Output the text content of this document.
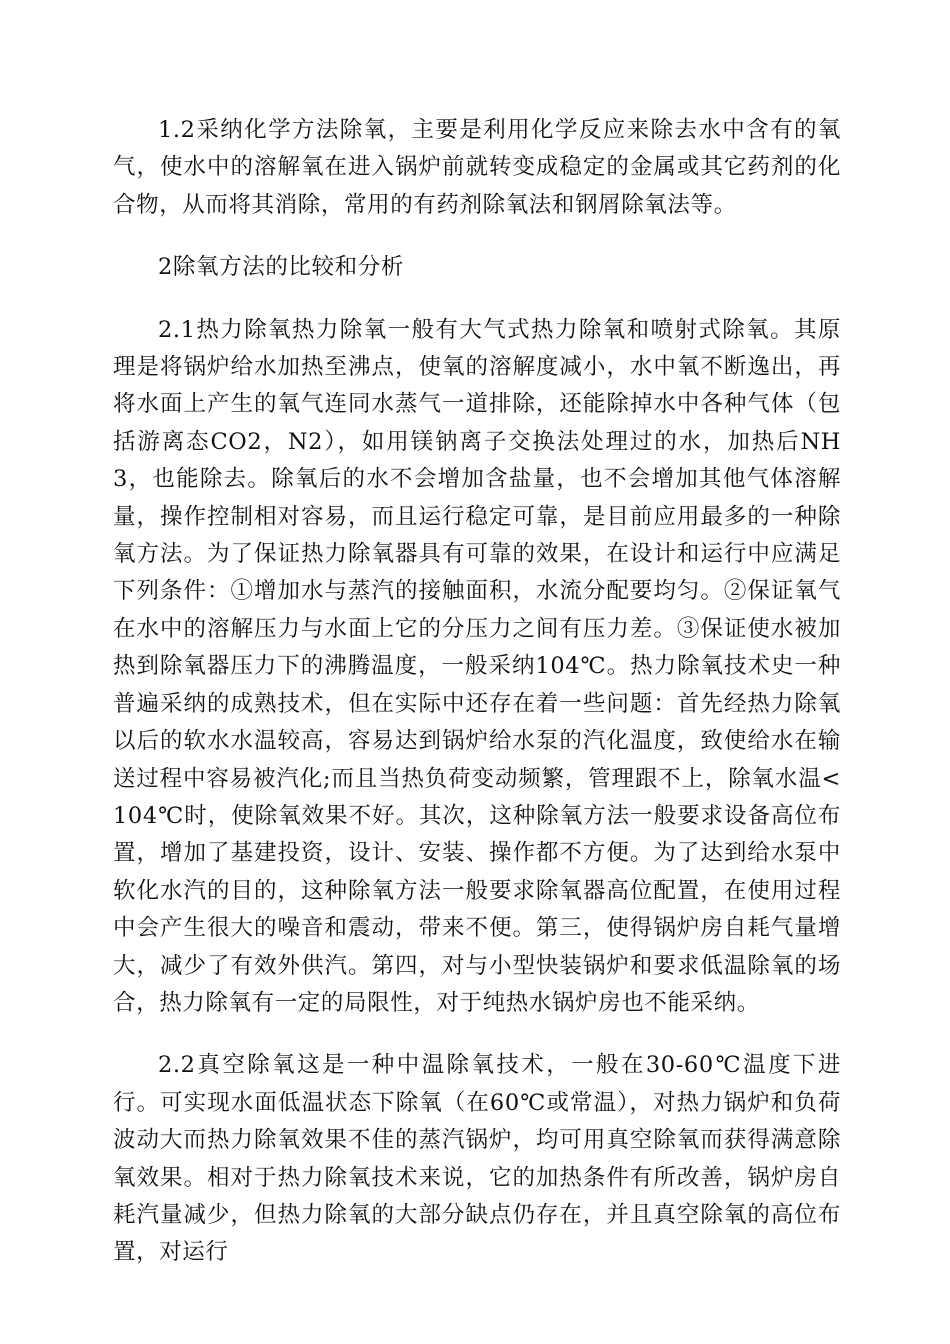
1.2采纳化学方法除氧，主要是利用化学反应来除去水中含有的氧气，使水中的溶解氧在进入锅炉前就转变成稳定的金属或其它药剂的化合物，从而将其消除，常用的有药剂除氧法和钢屑除氧法等。

2除氧方法的比较和分析

2.1热力除氧热力除氧一般有大气式热力除氧和喷射式除氧。其原理是将锅炉给水加热至沸点，使氧的溶解度减小，水中氧不断逸出，再将水面上产生的氧气连同水蒸气一道排除，还能除掉水中各种气体（包括游离态CO2，N2），如用镁钠离子交换法处理过的水，加热后NH3，也能除去。除氧后的水不会增加含盐量，也不会增加其他气体溶解量，操作控制相对容易，而且运行稳定可靠，是目前应用最多的一种除氧方法。为了保证热力除氧器具有可靠的效果，在设计和运行中应满足下列条件：①增加水与蒸汽的接触面积，水流分配要均匀。②保证氧气在水中的溶解压力与水面上它的分压力之间有压力差。③保证使水被加热到除氧器压力下的沸腾温度，一般采纳104℃。热力除氧技术史一种普遍采纳的成熟技术，但在实际中还存在着一些问题：首先经热力除氧以后的软水水温较高，容易达到锅炉给水泵的汽化温度，致使给水在输送过程中容易被汽化;而且当热负荷变动频繁，管理跟不上，除氧水温<104℃时，使除氧效果不好。其次，这种除氧方法一般要求设备高位布置，增加了基建投资，设计、安装、操作都不方便。为了达到给水泵中软化水汽的目的，这种除氧方法一般要求除氧器高位配置，在使用过程中会产生很大的噪音和震动，带来不便。第三，使得锅炉房自耗气量增大，减少了有效外供汽。第四，对与小型快装锅炉和要求低温除氧的场合，热力除氧有一定的局限性，对于纯热水锅炉房也不能采纳。

2.2真空除氧这是一种中温除氧技术，一般在30-60℃温度下进行。可实现水面低温状态下除氧（在60℃或常温），对热力锅炉和负荷波动大而热力除氧效果不佳的蒸汽锅炉，均可用真空除氧而获得满意除氧效果。相对于热力除氧技术来说，它的加热条件有所改善，锅炉房自耗汽量减少，但热力除氧的大部分缺点仍存在，并且真空除氧的高位布置，对运行
